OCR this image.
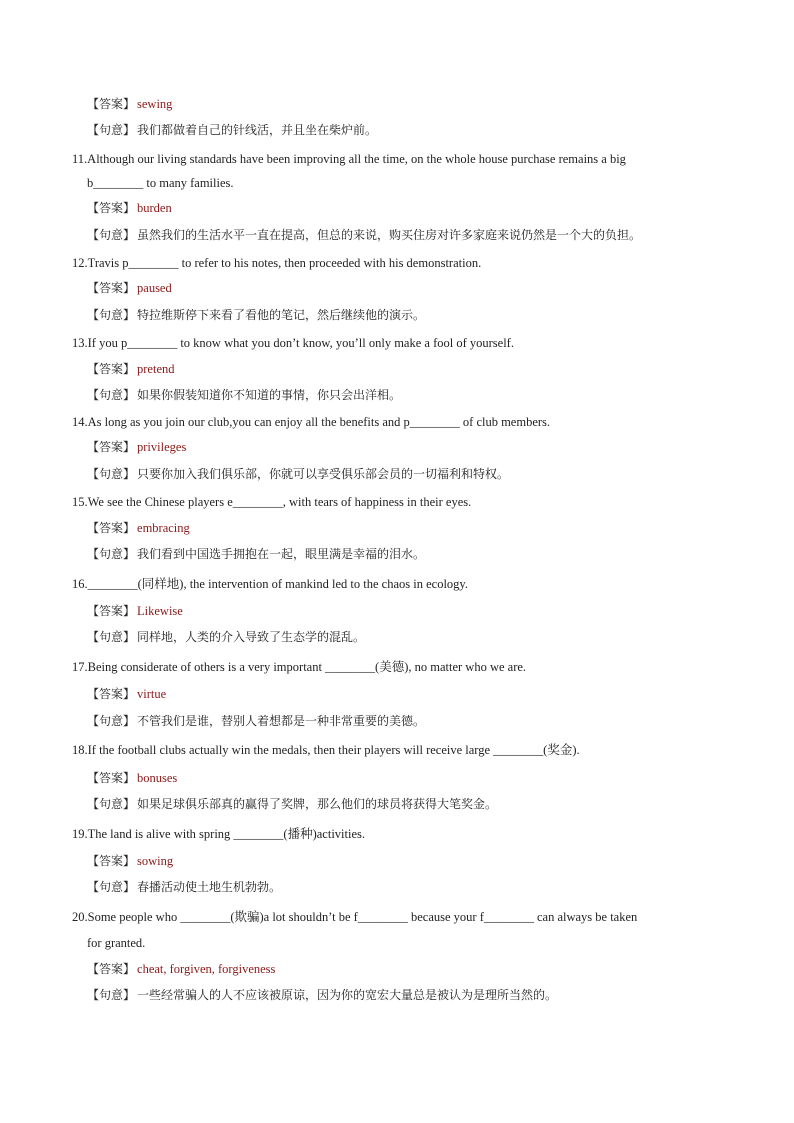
【答案】 sewing
【句意】 我们都做着自己的针线活，并且坐在柴炉前。
11.Although our living standards have been improving all the time, on the whole house purchase remains a big
b________ to many families.
【答案】 burden
【句意】 虽然我们的生活水平一直在提高，但总的来说，购买住房对许多家庭来说仍然是一个大的负担。
12.Travis p________ to refer to his notes, then proceeded with his demonstration.
【答案】 paused
【句意】 特拉维斯停下来看了看他的笔记，然后继续他的演示。
13.If you p________ to know what you don’t know, you’ll only make a fool of yourself.
【答案】 pretend
【句意】 如果你假装知道你不知道的事情，你只会出洋相。
14.As long as you join our club,you can enjoy all the benefits and p________ of club members.
【答案】 privileges
【句意】 只要你加入我们俱乐部，你就可以享受俱乐部会员的一切福利和特权。
15.We see the Chinese players e________, with tears of happiness in their eyes.
【答案】 embracing
【句意】 我们看到中国选手拥抱在一起，眼里满是幸福的泪水。
16.________(同样地), the intervention of mankind led to the chaos in ecology.
【答案】 Likewise
【句意】 同样地，人类的介入导致了生态学的混乱。
17.Being considerate of others is a very important ________(美德), no matter who we are.
【答案】 virtue
【句意】 不管我们是谁，替别人着想都是一种非常重要的美德。
18.If the football clubs actually win the medals, then their players will receive large ________(奖金).
【答案】 bonuses
【句意】 如果足球俱乐部真的赢得了奖牌，那么他们的球员将获得大笔奖金。
19.The land is alive with spring ________(播种)activities.
【答案】 sowing
【句意】 春播活动使土地生机勃勃。
20.Some people who ________(欺骗)a lot shouldn’t be f________ because your f________ can always be taken
for granted.
【答案】 cheat, forgiven, forgiveness
【句意】 一些经常骗人的人不应该被原谅，因为你的宽宏大量总是被认为是理所当然的。
